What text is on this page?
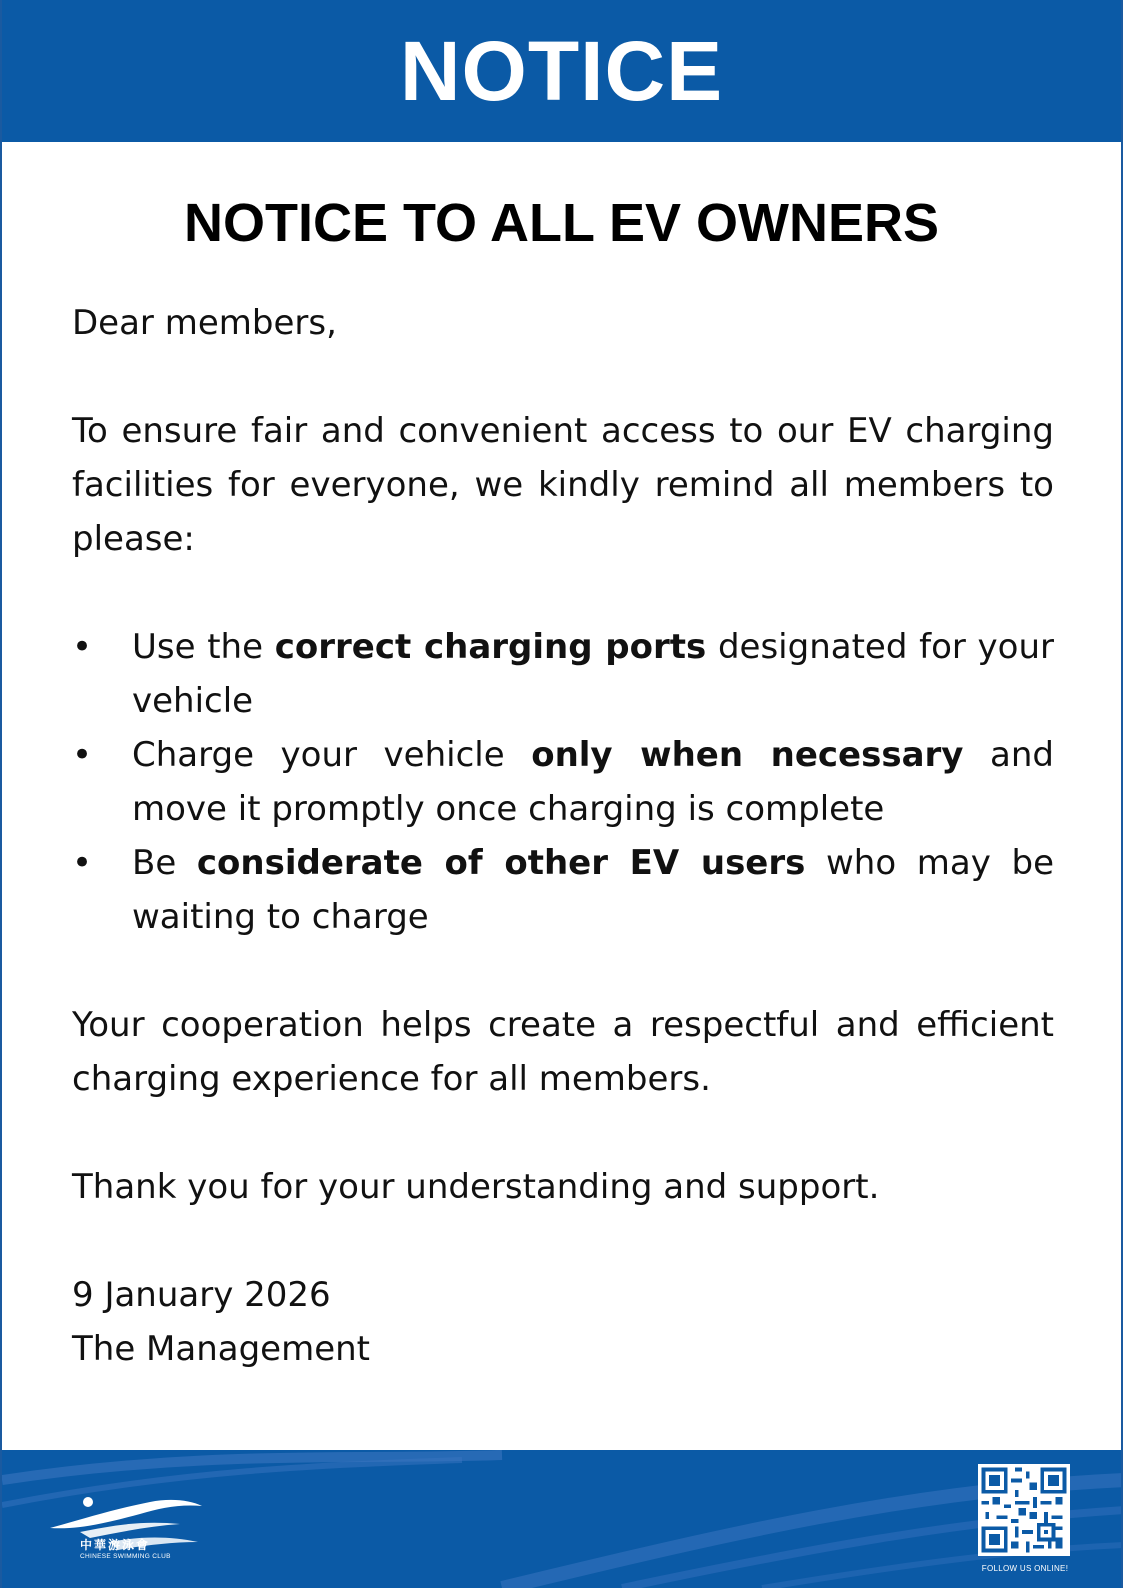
NOTICE
NOTICE TO ALL EV OWNERS

Dear members,

To ensure fair and convenient access to our EV charging facilities for everyone, we kindly remind all members to please:

• Use the correct charging ports designated for your vehicle
• Charge your vehicle only when necessary and move it promptly once charging is complete
• Be considerate of other EV users who may be waiting to charge

Your cooperation helps create a respectful and efficient charging experience for all members.

Thank you for your understanding and support.

9 January 2026

The Management

中華游泳會
CHINESE SWIMMING CLUB
FOLLOW US ONLINE!
